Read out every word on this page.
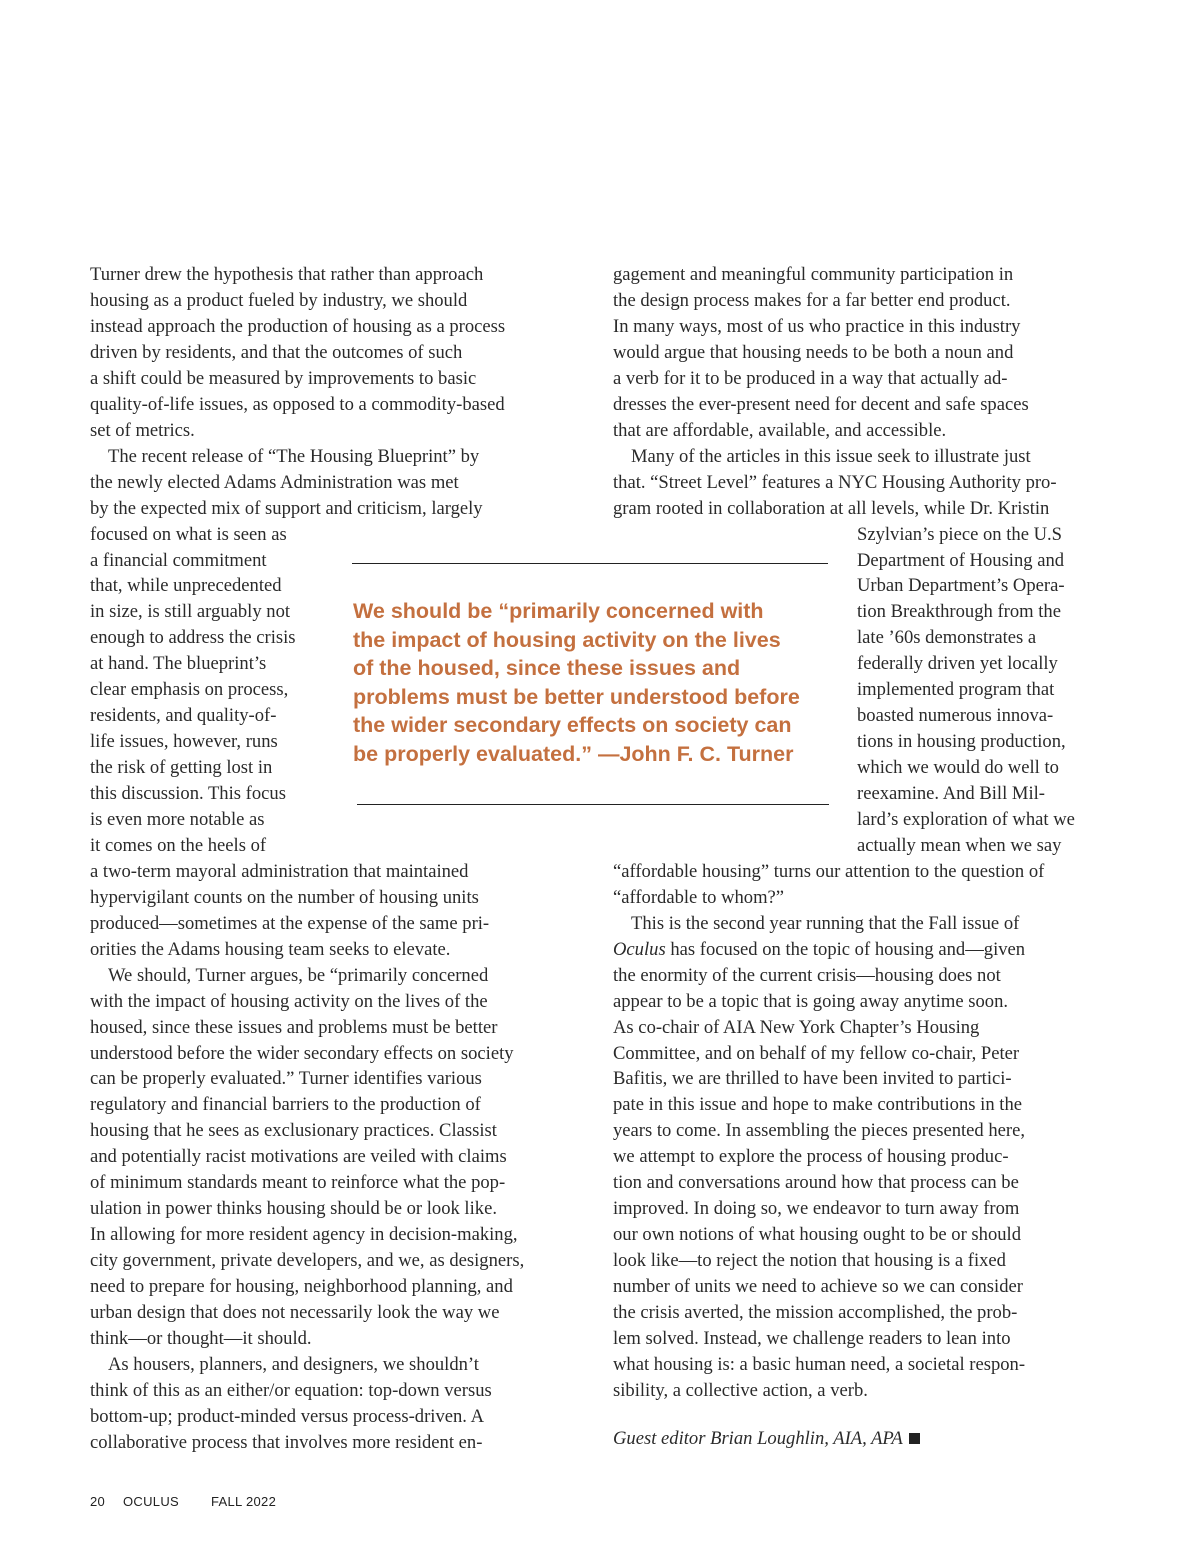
Turner drew the hypothesis that rather than approach
housing as a product fueled by industry, we should
instead approach the production of housing as a process
driven by residents, and that the outcomes of such
a shift could be measured by improvements to basic
quality-of-life issues, as opposed to a commodity-based
set of metrics.
The recent release of “The Housing Blueprint” by
the newly elected Adams Administration was met
by the expected mix of support and criticism, largely
focused on what is seen as
a financial commitment
that, while unprecedented
in size, is still arguably not
enough to address the crisis
at hand. The blueprint’s
clear emphasis on process,
residents, and quality-of-
life issues, however, runs
the risk of getting lost in
this discussion. This focus
is even more notable as
it comes on the heels of
a two-term mayoral administration that maintained
hypervigilant counts on the number of housing units
produced—sometimes at the expense of the same pri-
orities the Adams housing team seeks to elevate.
We should, Turner argues, be “primarily concerned
with the impact of housing activity on the lives of the
housed, since these issues and problems must be better
understood before the wider secondary effects on society
can be properly evaluated.” Turner identifies various
regulatory and financial barriers to the production of
housing that he sees as exclusionary practices. Classist
and potentially racist motivations are veiled with claims
of minimum standards meant to reinforce what the pop-
ulation in power thinks housing should be or look like.
In allowing for more resident agency in decision-making,
city government, private developers, and we, as designers,
need to prepare for housing, neighborhood planning, and
urban design that does not necessarily look the way we
think—or thought—it should.
As housers, planners, and designers, we shouldn’t
think of this as an either/or equation: top-down versus
bottom-up; product-minded versus process-driven. A
collaborative process that involves more resident en-
gagement and meaningful community participation in
the design process makes for a far better end product.
In many ways, most of us who practice in this industry
would argue that housing needs to be both a noun and
a verb for it to be produced in a way that actually ad-
dresses the ever-present need for decent and safe spaces
that are affordable, available, and accessible.
Many of the articles in this issue seek to illustrate just
that. “Street Level” features a NYC Housing Authority pro-
gram rooted in collaboration at all levels, while Dr. Kristin
Szylvian’s piece on the U.S
Department of Housing and
Urban Department’s Opera-
tion Breakthrough from the
late ’60s demonstrates a
federally driven yet locally
implemented program that
boasted numerous innova-
tions in housing production,
which we would do well to
reexamine. And Bill Mil-
lard’s exploration of what we
actually mean when we say
“affordable housing” turns our attention to the question of
“affordable to whom?”
This is the second year running that the Fall issue of
Oculus has focused on the topic of housing and—given
the enormity of the current crisis—housing does not
appear to be a topic that is going away anytime soon.
As co-chair of AIA New York Chapter’s Housing
Committee, and on behalf of my fellow co-chair, Peter
Bafitis, we are thrilled to have been invited to partici-
pate in this issue and hope to make contributions in the
years to come. In assembling the pieces presented here,
we attempt to explore the process of housing produc-
tion and conversations around how that process can be
improved. In doing so, we endeavor to turn away from
our own notions of what housing ought to be or should
look like—to reject the notion that housing is a fixed
number of units we need to achieve so we can consider
the crisis averted, the mission accomplished, the prob-
lem solved. Instead, we challenge readers to lean into
what housing is: a basic human need, a societal respon-
sibility, a collective action, a verb.
We should be “primarily concerned with
the impact of housing activity on the lives
of the housed, since these issues and
problems must be better understood before
the wider secondary effects on society can
be properly evaluated.” —John F. C. Turner
Guest editor Brian Loughlin, AIA, APA
20 OCULUS FALL 2022
